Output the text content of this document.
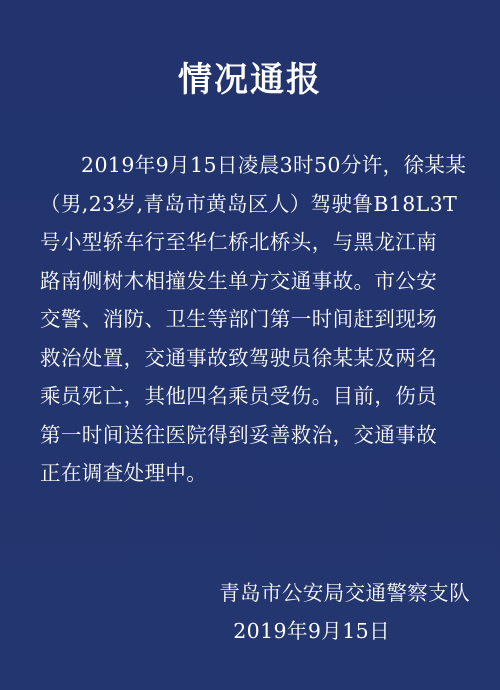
情况通报
2019年9月15日凌晨3时50分许，徐某某
（男,23岁,青岛市黄岛区人）驾驶鲁B18L3T
号小型轿车行至华仁桥北桥头，与黑龙江南
路南侧树木相撞发生单方交通事故。市公安
交警、消防、卫生等部门第一时间赶到现场
救治处置，交通事故致驾驶员徐某某及两名
乘员死亡，其他四名乘员受伤。目前，伤员
第一时间送往医院得到妥善救治，交通事故
正在调查处理中。
青岛市公安局交通警察支队
2019年9月15日
